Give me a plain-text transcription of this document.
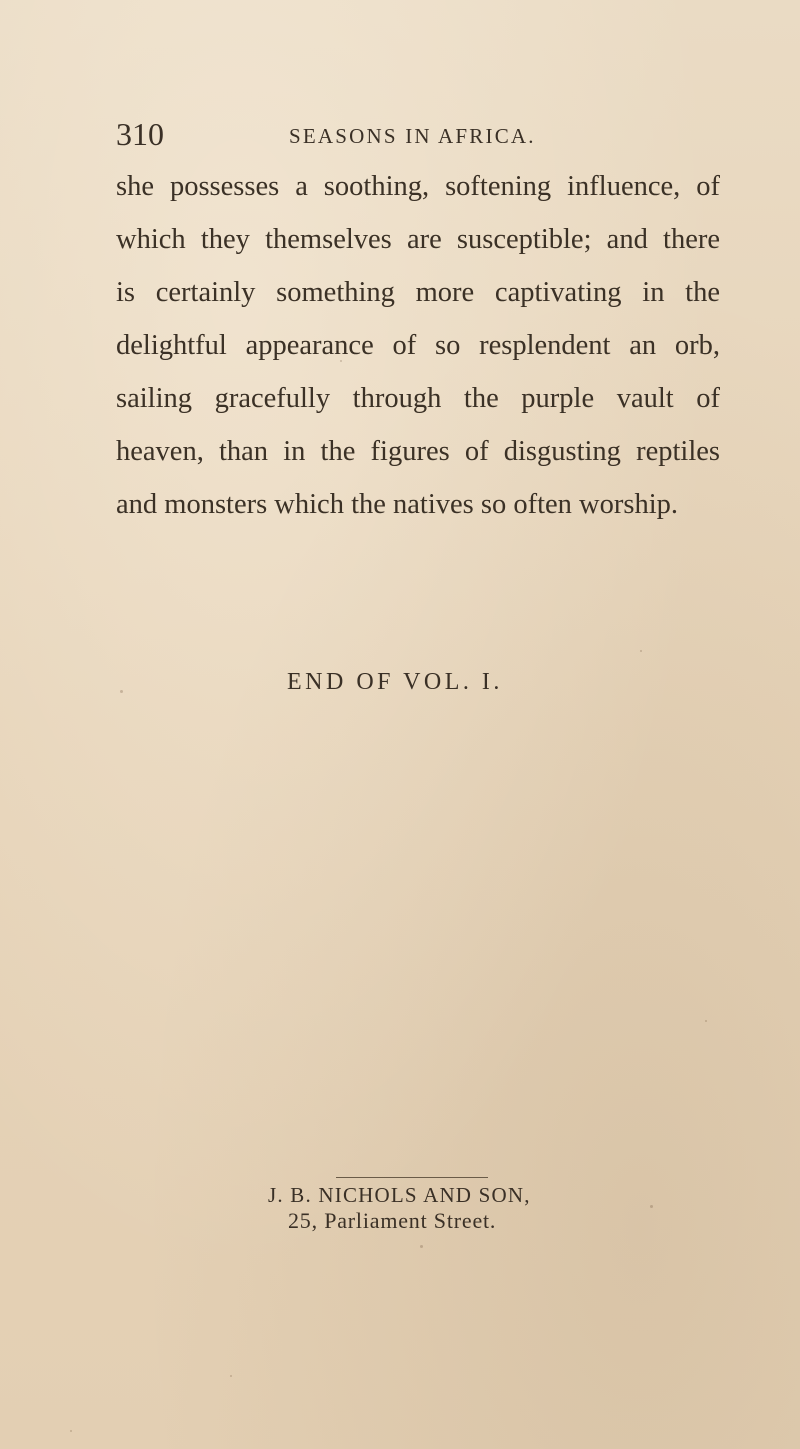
310	SEASONS IN AFRICA.
she possesses a soothing, softening influence, of
which they themselves are susceptible; and there
is certainly something more captivating in the
delightful appearance of so resplendent an orb,
sailing gracefully through the purple vault of
heaven, than in the figures of disgusting reptiles
and monsters which the natives so often worship.
END OF VOL. I.
J. B. NICHOLS AND SON,
25, Parliament Street.
